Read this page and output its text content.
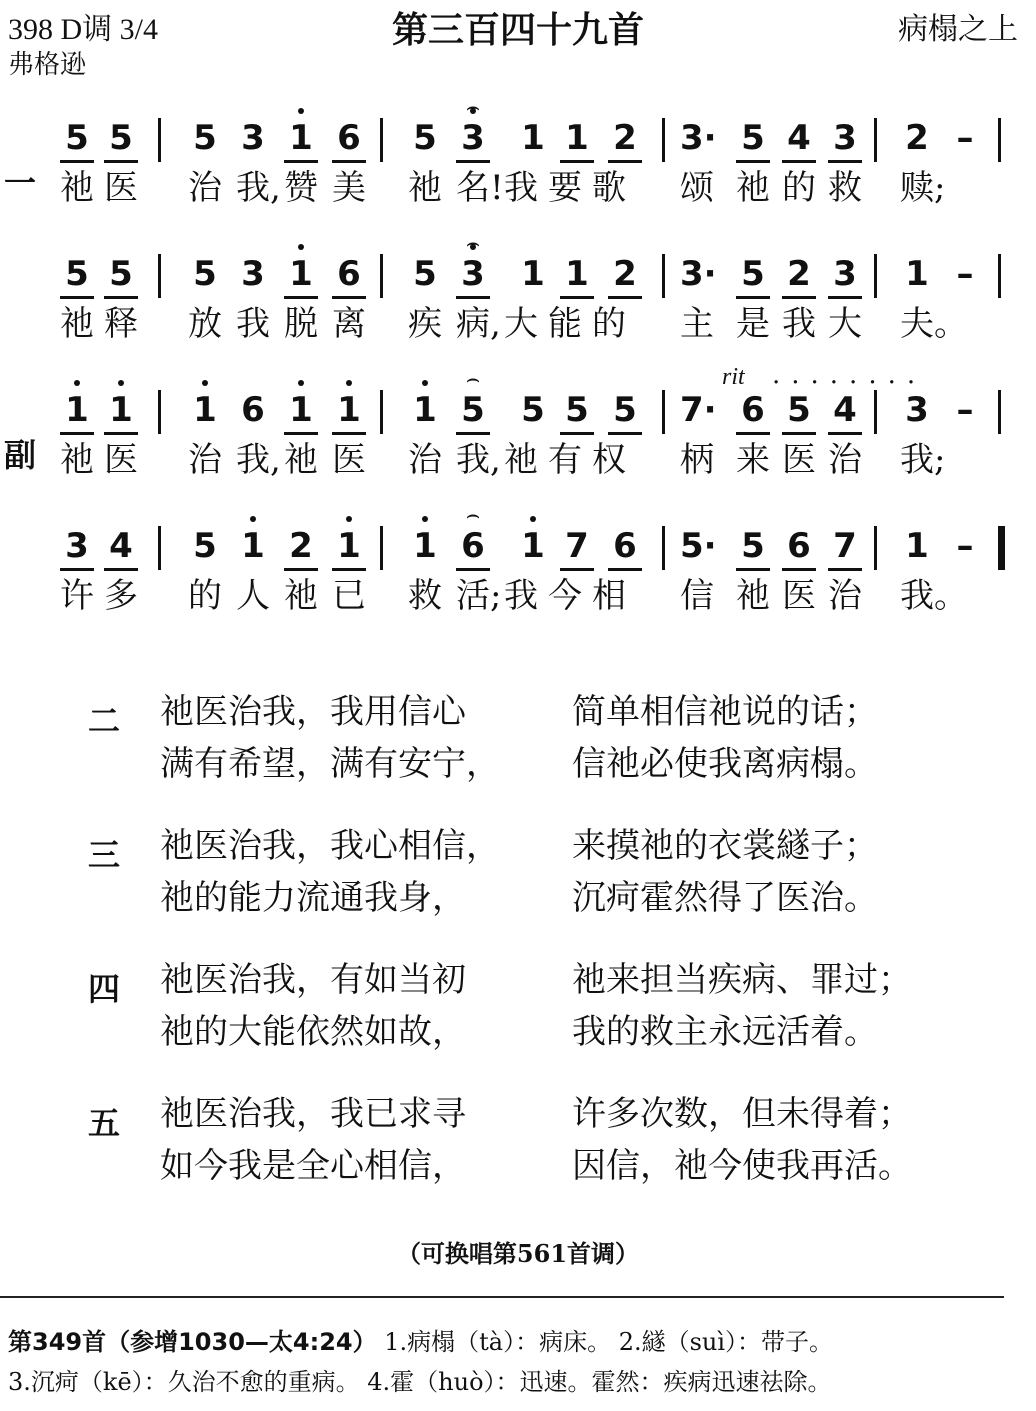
398 D调 3/4	第三百四十九首	病榻之上
弗格逊
一
5 5 5 3 1 6 5 3 ⌢ 1 1 2 3· 5 4 3 2 –
祂 医 治 我, 赞 美 祂 名! 我 要 歌 颂 祂 的 救 赎;
5 5 5 3 1 6 5 3 ⌢ 1 1 2 3· 5 2 3 1 –
祂 释 放 我 脱 离 疾 病, 大 能 的 主 是 我 大 夫。
副
1 1 1 6 1 1 1 5 ⌢ 5 5 5 7· 6 5 4 3 –
rit ........
祂 医 治 我, 祂 医 治 我, 祂 有 权 柄 来 医 治 我;
3 4 5 1 2 1 1 6 ⌢ 1 7 6 5· 5 6 7 1 –
许 多 的 人 祂 已 救 活; 我 今 相 信 祂 医 治 我。
二 祂医治我，我用信心	简单相信祂说的话；
满有希望，满有安宁， 信祂必使我离病榻。
三 祂医治我，我心相信， 来摸祂的衣裳繸子；
祂的能力流通我身，	沉疴霍然得了医治。
四 祂医治我，有如当初	祂来担当疾病、罪过；
祂的大能依然如故，	我的救主永远活着。
五 祂医治我，我已求寻	许多次数，但未得着；
如今我是全心相信，	因信，祂今使我再活。
（可换唱第561首调）
第349首（参增1030—太4:24） 1.病榻（tà）：病床。 2.繸（suì）：带子。
3.沉疴（kē）：久治不愈的重病。 4.霍（huò）：迅速。霍然：疾病迅速祛除。
